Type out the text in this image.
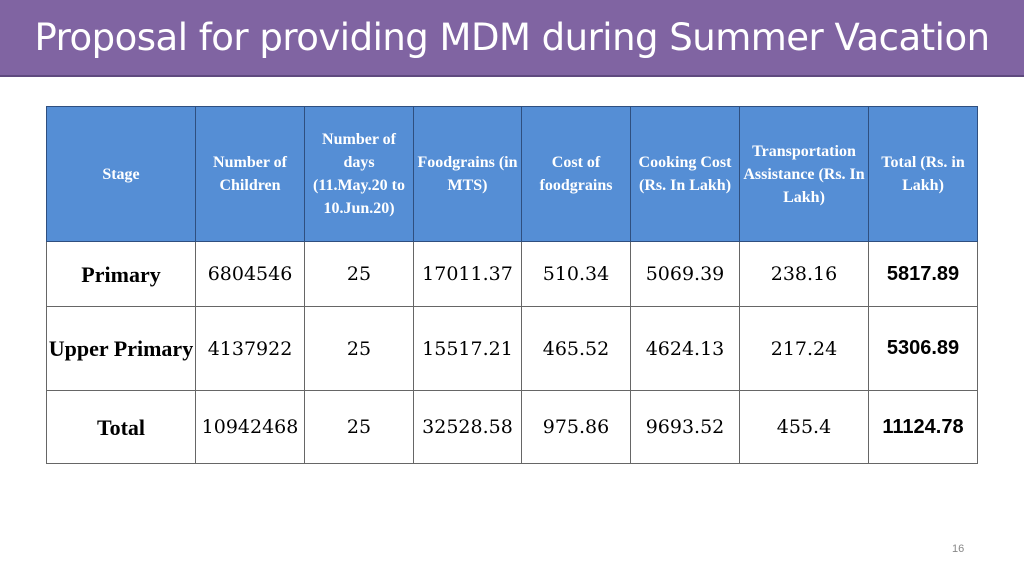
Proposal for providing MDM during Summer Vacation
Stage	Number of Children	Number of days (11.May.20 to 10.Jun.20)	Foodgrains (in MTS)	Cost of foodgrains	Cooking Cost (Rs. In Lakh)	Transportation Assistance (Rs. In Lakh)	Total (Rs. in Lakh)
Primary	6804546	25	17011.37	510.34	5069.39	238.16	5817.89
Upper Primary	4137922	25	15517.21	465.52	4624.13	217.24	5306.89
Total	10942468	25	32528.58	975.86	9693.52	455.4	11124.78
16
